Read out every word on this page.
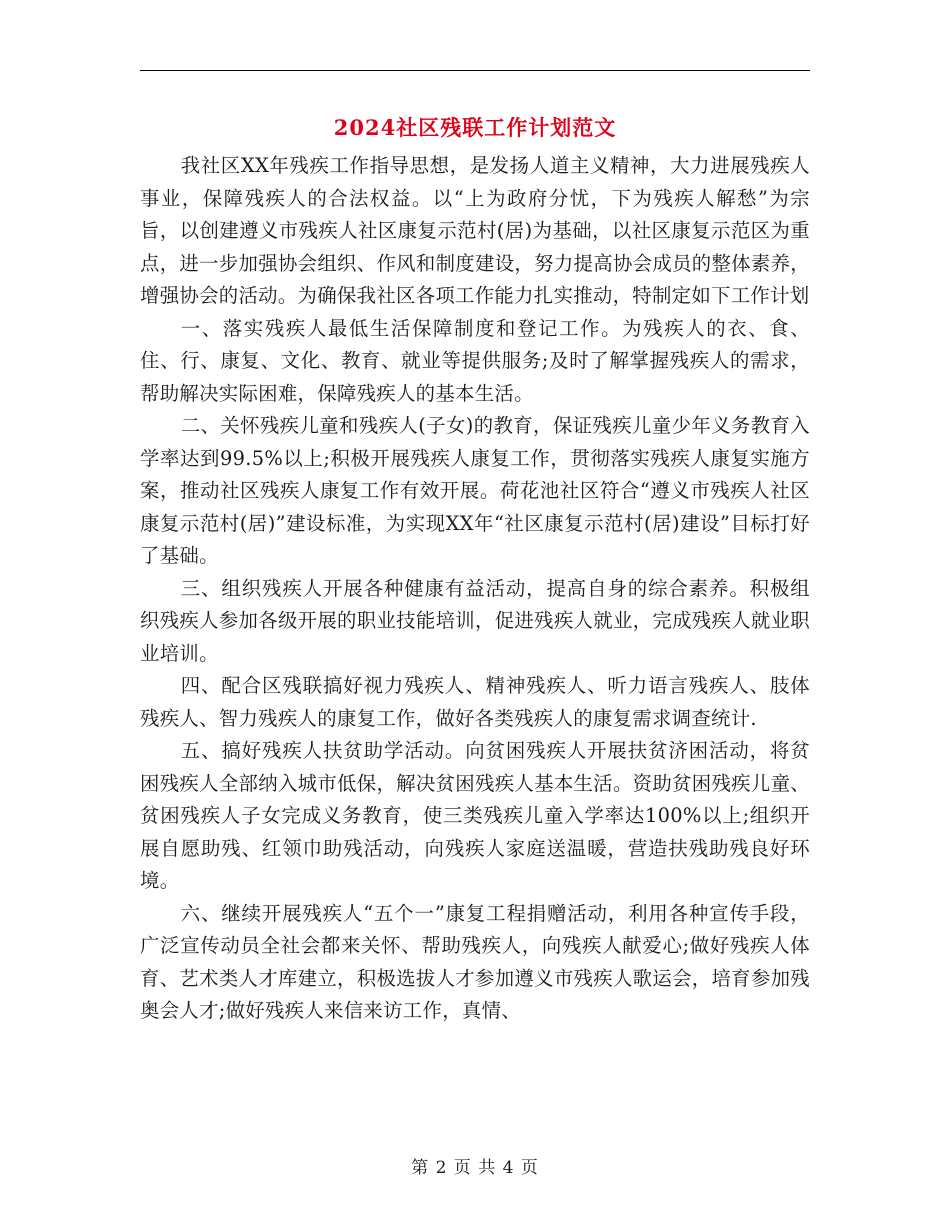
2024社区残联工作计划范文

我社区XX年残疾工作指导思想，是发扬人道主义精神，大力进展残疾人事业，保障残疾人的合法权益。以“上为政府分忧，下为残疾人解愁”为宗旨，以创建遵义市残疾人社区康复示范村(居)为基础，以社区康复示范区为重点，进一步加强协会组织、作风和制度建设，努力提高协会成员的整体素养，增强协会的活动。为确保我社区各项工作能力扎实推动，特制定如下工作计划

一、落实残疾人最低生活保障制度和登记工作。为残疾人的衣、食、住、行、康复、文化、教育、就业等提供服务;及时了解掌握残疾人的需求，帮助解决实际困难，保障残疾人的基本生活。

二、关怀残疾儿童和残疾人(子女)的教育，保证残疾儿童少年义务教育入学率达到99.5%以上;积极开展残疾人康复工作，贯彻落实残疾人康复实施方案，推动社区残疾人康复工作有效开展。荷花池社区符合“遵义市残疾人社区康复示范村(居)”建设标准，为实现XX年“社区康复示范村(居)建设”目标打好了基础。

三、组织残疾人开展各种健康有益活动，提高自身的综合素养。积极组织残疾人参加各级开展的职业技能培训，促进残疾人就业，完成残疾人就业职业培训。

四、配合区残联搞好视力残疾人、精神残疾人、听力语言残疾人、肢体残疾人、智力残疾人的康复工作，做好各类残疾人的康复需求调查统计.

五、搞好残疾人扶贫助学活动。向贫困残疾人开展扶贫济困活动，将贫困残疾人全部纳入城市低保，解决贫困残疾人基本生活。资助贫困残疾儿童、贫困残疾人子女完成义务教育，使三类残疾儿童入学率达100%以上;组织开展自愿助残、红领巾助残活动，向残疾人家庭送温暖，营造扶残助残良好环境。

六、继续开展残疾人“五个一”康复工程捐赠活动，利用各种宣传手段，广泛宣传动员全社会都来关怀、帮助残疾人，向残疾人献爱心;做好残疾人体育、艺术类人才库建立，积极选拔人才参加遵义市残疾人歌运会，培育参加残奥会人才;做好残疾人来信来访工作，真情、

第 2 页 共 4 页
